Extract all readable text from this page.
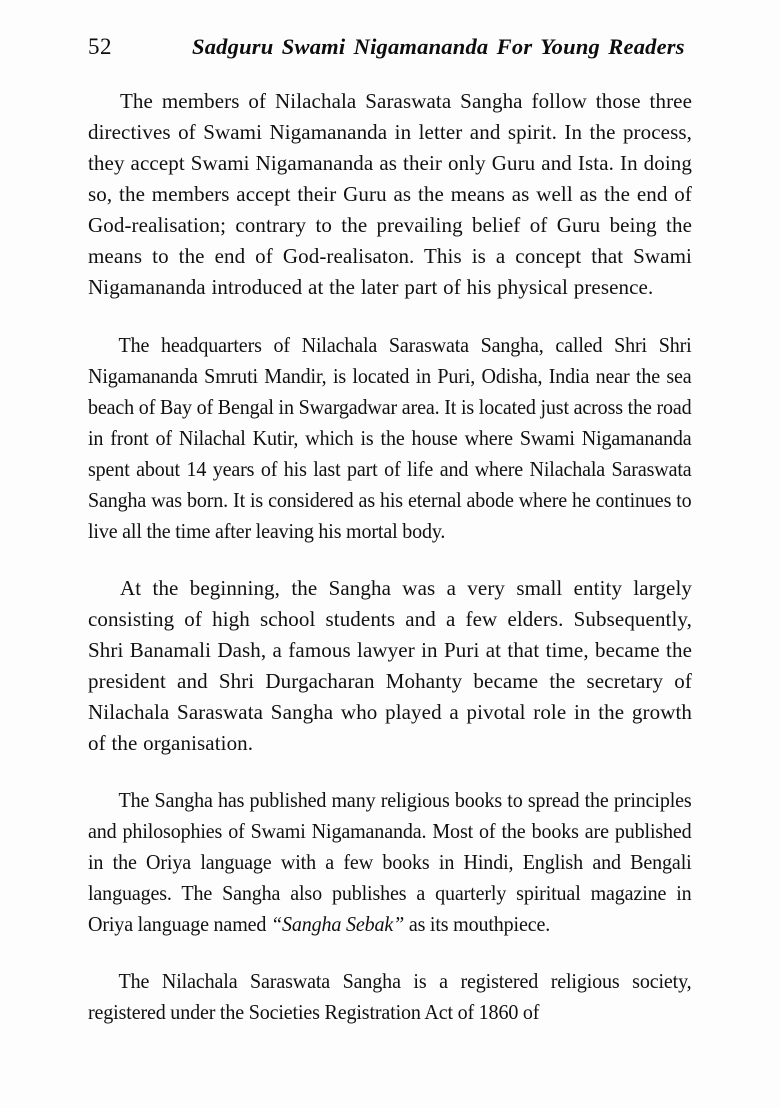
52	Sadguru Swami Nigamananda For Young Readers

The members of Nilachala Saraswata Sangha follow those three directives of Swami Nigamananda in letter and spirit. In the process, they accept Swami Nigamananda as their only Guru and Ista. In doing so, the members accept their Guru as the means as well as the end of God-realisation; contrary to the prevailing belief of Guru being the means to the end of God-realisaton. This is a concept that Swami Nigamananda introduced at the later part of his physical presence.

The headquarters of Nilachala Saraswata Sangha, called Shri Shri Nigamananda Smruti Mandir, is located in Puri, Odisha, India near the sea beach of Bay of Bengal in Swargadwar area. It is located just across the road in front of Nilachal Kutir, which is the house where Swami Nigamananda spent about 14 years of his last part of life and where Nilachala Saraswata Sangha was born. It is considered as his eternal abode where he continues to live all the time after leaving his mortal body.

At the beginning, the Sangha was a very small entity largely consisting of high school students and a few elders. Subsequently, Shri Banamali Dash, a famous lawyer in Puri at that time, became the president and Shri Durgacharan Mohanty became the secretary of Nilachala Saraswata Sangha who played a pivotal role in the growth of the organisation.

The Sangha has published many religious books to spread the principles and philosophies of Swami Nigamananda. Most of the books are published in the Oriya language with a few books in Hindi, English and Bengali languages. The Sangha also publishes a quarterly spiritual magazine in Oriya language named “Sangha Sebak” as its mouthpiece.

The Nilachala Saraswata Sangha is a registered religious society, registered under the Societies Registration Act of 1860 of
